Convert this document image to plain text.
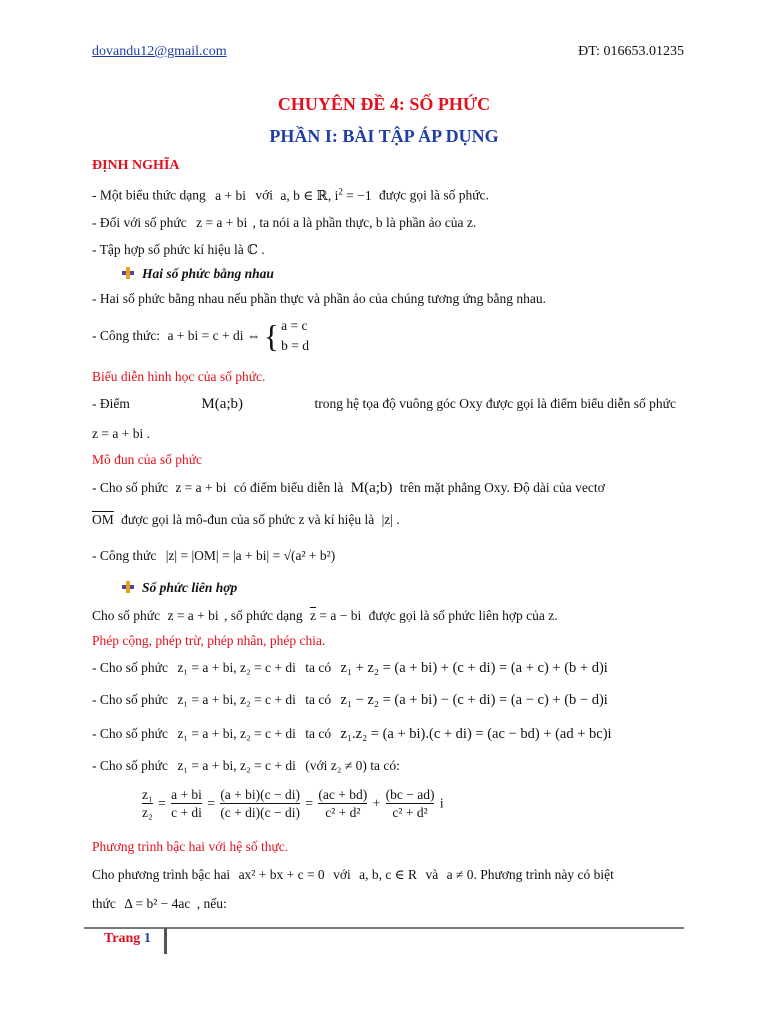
dovandu12@gmail.com	ĐT: 016653.01235
CHUYÊN ĐỀ 4: SỐ PHỨC
PHẦN I: BÀI TẬP ÁP DỤNG
ĐỊNH NGHĨA
- Một biểu thức dạng a + bi với a, b ∈ ℝ, $i^2 = -1$ được gọi là số phức.
- Đối với số phức z = a + bi , ta nói a là phần thực, b là phần ảo của z.
- Tập hợp số phức kí hiệu là ℂ .
Hai số phức bằng nhau
- Hai số phức bằng nhau nếu phần thực và phần ảo của chúng tương ứng bằng nhau.
- Công thức: a + bi = c + di ⇔ { a = c
b = d
Biểu diễn hình học của số phức.
- Điểm	M(a;b)	trong hệ tọa độ vuông góc Oxy được gọi là điểm biểu diễn số phức
z = a + bi .
Mô đun của số phức
- Cho số phức z = a + bi có điểm biểu diễn là M(a;b) trên mặt phẳng Oxy. Độ dài của vectơ
$\overline{OM}$ được gọi là mô-đun của số phức z và kí hiệu là |z| .
- Công thức |z| = |OM| = |a + bi| = √(a² + b²)
Số phức liên hợp
Cho số phức z = a + bi , số phức dạng $\overline{z} = a$ − bi được gọi là số phức liên hợp của z.
Phép cộng, phép trừ, phép nhân, phép chia.
- Cho số phức z₁ = a + bi, z₂ = c + di ta có z₁ + z₂ = (a + bi) + (c + di) = (a + c) + (b + d)i
- Cho số phức z₁ = a + bi, z₂ = c + di ta có z₁ − z₂ = (a + bi) − (c + di) = (a − c) + (b − d)i
- Cho số phức z₁ = a + bi, z₂ = c + di ta có z₁.z₂ = (a + bi).(c + di) = (ac − bd) + (ad + bc)i
- Cho số phức z₁ = a + bi, z₂ = c + di (với z₂ ≠ 0) ta có:
$\frac{\text{z₁}}{\text{z₂}} = \frac{a + bi}{c + di} = \frac{(a + bi)(c - di)}{(c + di)(c - di)} = \frac{(ac + bd)}{\text{c² + d²}} + \frac{(bc - ad)}{\text{c² + d²}}$ i
Phương trình bậc hai với hệ số thực.
Cho phương trình bậc hai ax² + bx + c = 0 với a, b, c ∈ R và a ≠ 0. Phương trình này có biệt
thức Δ = b² − 4ac , nếu:
Trang 1
